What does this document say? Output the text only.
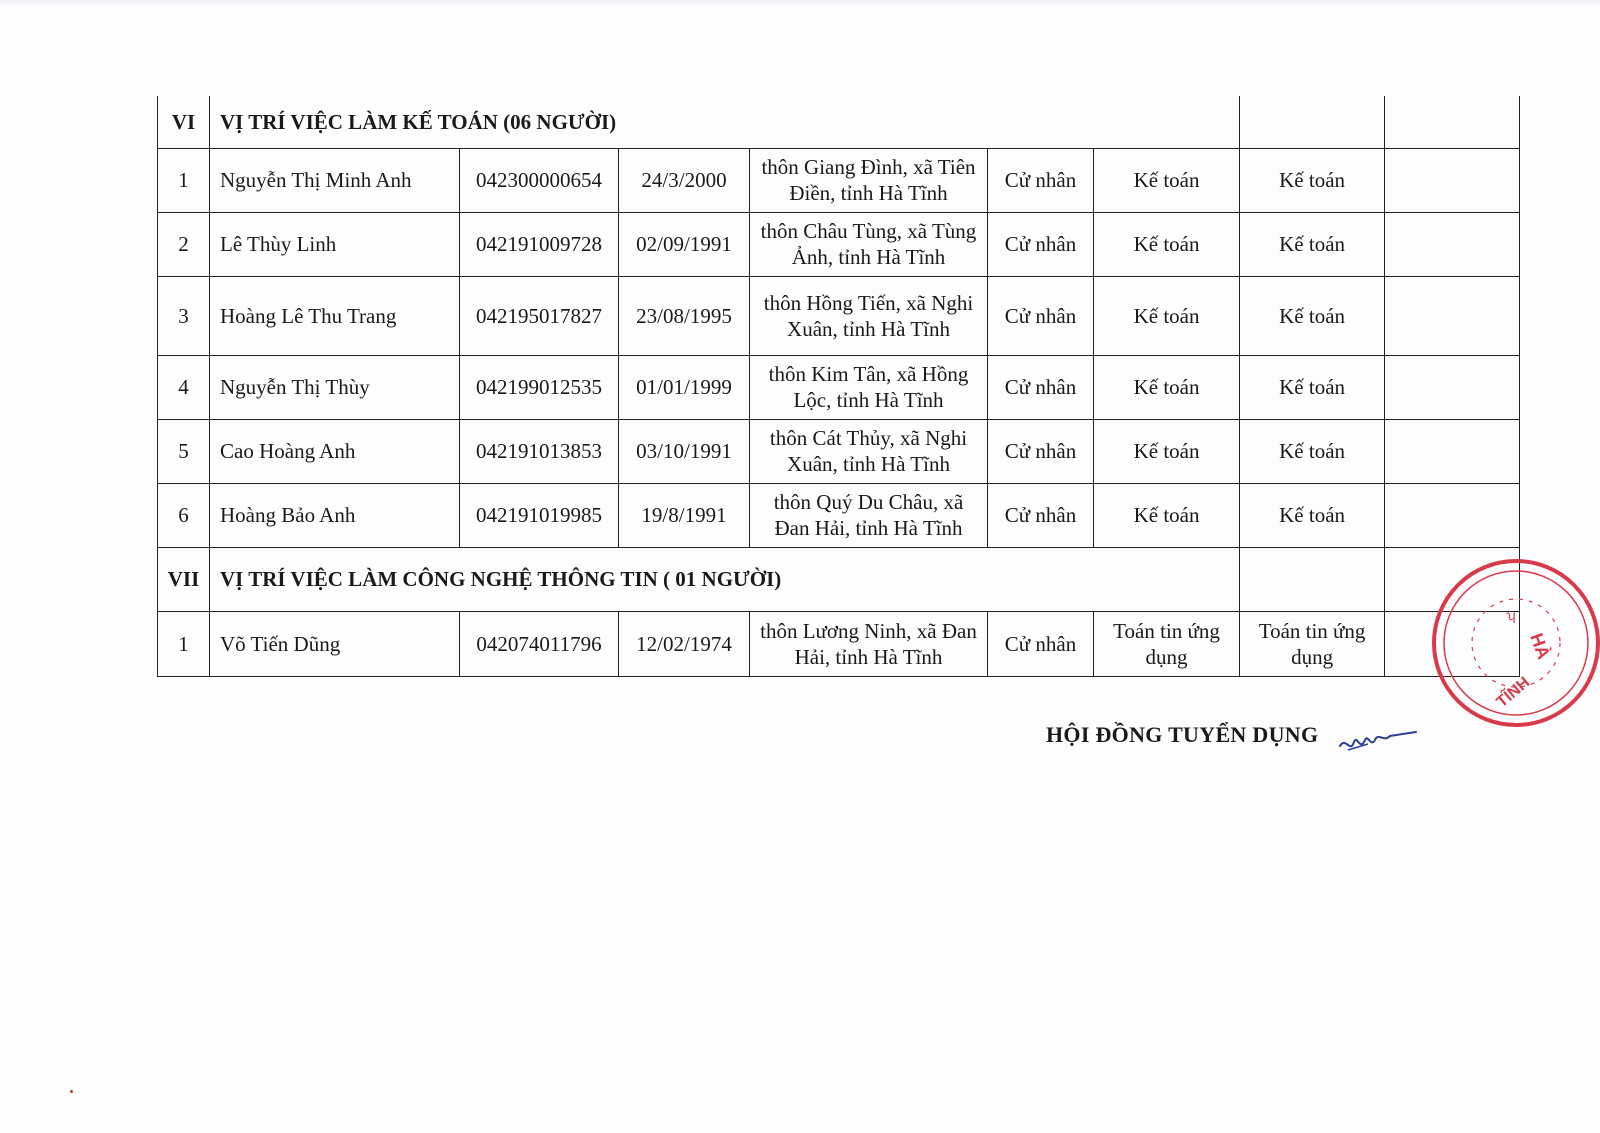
VI	VỊ TRÍ VIỆC LÀM KẾ TOÁN (06 NGƯỜI)							
1	Nguyễn Thị Minh Anh	042300000654	24/3/2000	thôn Giang Đình, xã Tiên Điền, tỉnh Hà Tĩnh	Cử nhân	Kế toán	Kế toán	
2	Lê Thùy Linh	042191009728	02/09/1991	thôn Châu Tùng, xã Tùng Ảnh, tỉnh Hà Tĩnh	Cử nhân	Kế toán	Kế toán	
3	Hoàng Lê Thu Trang	042195017827	23/08/1995	thôn Hồng Tiến, xã Nghi Xuân, tỉnh Hà Tĩnh	Cử nhân	Kế toán	Kế toán	
4	Nguyễn Thị Thùy	042199012535	01/01/1999	thôn Kim Tân, xã Hồng Lộc, tỉnh Hà Tĩnh	Cử nhân	Kế toán	Kế toán	
5	Cao Hoàng Anh	042191013853	03/10/1991	thôn Cát Thủy, xã Nghi Xuân, tỉnh Hà Tĩnh	Cử nhân	Kế toán	Kế toán	
6	Hoàng Bảo Anh	042191019985	19/8/1991	thôn Quý Du Châu, xã Đan Hải, tỉnh Hà Tĩnh	Cử nhân	Kế toán	Kế toán	
VII	VỊ TRÍ VIỆC LÀM CÔNG NGHỆ THÔNG TIN ( 01 NGƯỜI)							
1	Võ Tiến Dũng	042074011796	12/02/1974	thôn Lương Ninh, xã Đan Hải, tỉnh Hà Tĩnh	Cử nhân	Toán tin ứng dụng	Toán tin ứng dụng	
HỘI ĐỒNG TUYỂN DỤNG
HÀ
TĨNH
ʮ
